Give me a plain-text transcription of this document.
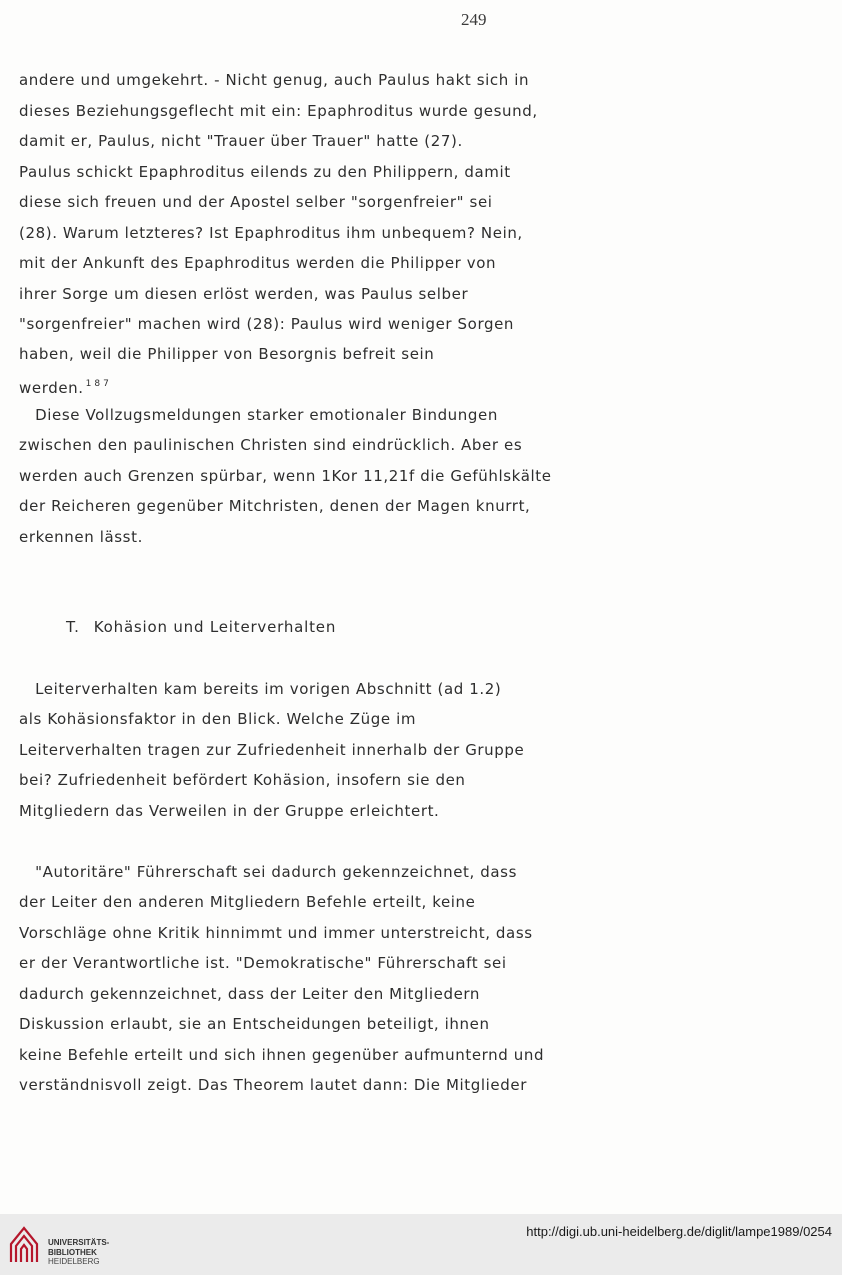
249
andere und umgekehrt. - Nicht genug, auch Paulus hakt sich in
dieses Beziehungsgeflecht mit ein: Epaphroditus wurde gesund,
damit er, Paulus, nicht "Trauer über Trauer" hatte (27).
Paulus schickt Epaphroditus eilends zu den Philippern, damit
diese sich freuen und der Apostel selber "sorgenfreier" sei
(28). Warum letzteres? Ist Epaphroditus ihm unbequem? Nein,
mit der Ankunft des Epaphroditus werden die Philipper von
ihrer Sorge um diesen erlöst werden, was Paulus selber
"sorgenfreier" machen wird (28): Paulus wird weniger Sorgen
haben, weil die Philipper von Besorgnis befreit sein
werden. $^{187}$
Diese Vollzugsmeldungen starker emotionaler Bindungen
zwischen den paulinischen Christen sind eindrücklich. Aber es
werden auch Grenzen spürbar, wenn 1Kor 11,21f die Gefühlskälte
der Reicheren gegenüber Mitchristen, denen der Magen knurrt,
erkennen lässt.
T. Kohäsion und Leiterverhalten
Leiterverhalten kam bereits im vorigen Abschnitt (ad 1.2)
als Kohäsionsfaktor in den Blick. Welche Züge im
Leiterverhalten tragen zur Zufriedenheit innerhalb der Gruppe
bei? Zufriedenheit befördert Kohäsion, insofern sie den
Mitgliedern das Verweilen in der Gruppe erleichtert.
"Autoritäre" Führerschaft sei dadurch gekennzeichnet, dass
der Leiter den anderen Mitgliedern Befehle erteilt, keine
Vorschläge ohne Kritik hinnimmt und immer unterstreicht, dass
er der Verantwortliche ist. "Demokratische" Führerschaft sei
dadurch gekennzeichnet, dass der Leiter den Mitgliedern
Diskussion erlaubt, sie an Entscheidungen beteiligt, ihnen
keine Befehle erteilt und sich ihnen gegenüber aufmunternd und
verständnisvoll zeigt. Das Theorem lautet dann: Die Mitglieder
UNIVERSITÄTS-
BIBLIOTHEK
HEIDELBERG
http://digi.ub.uni-heidelberg.de/diglit/lampe1989/0254
